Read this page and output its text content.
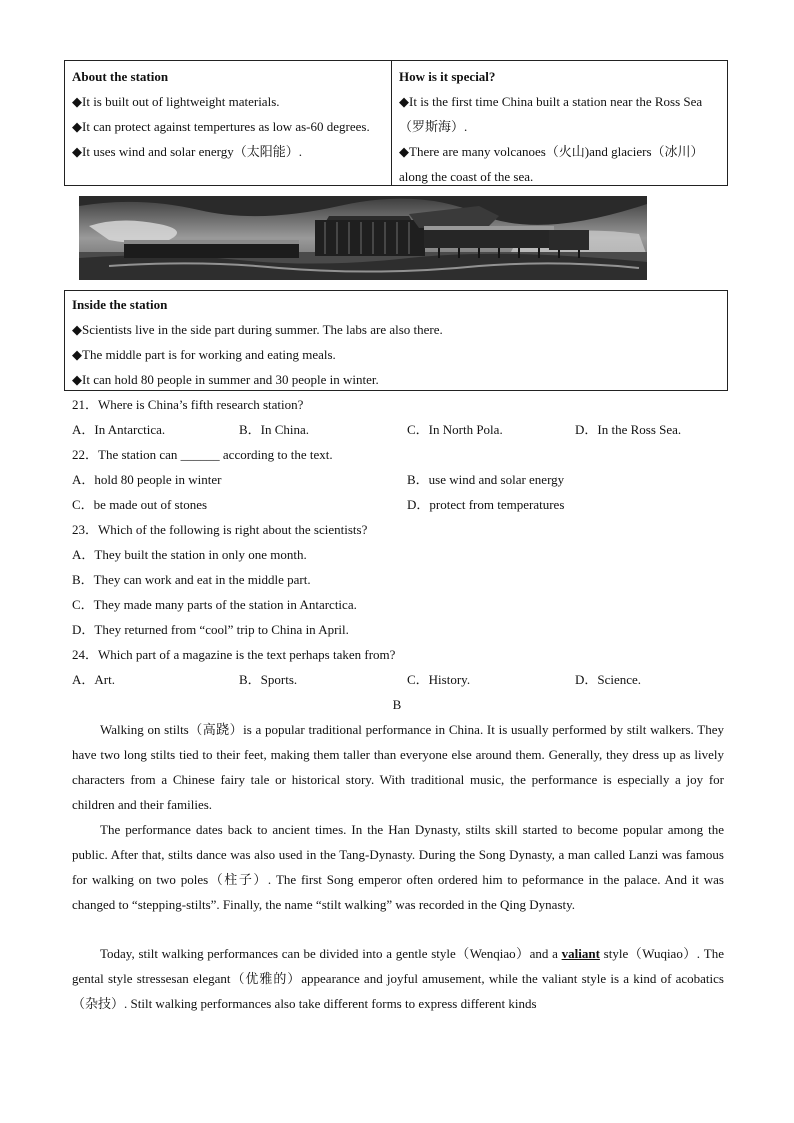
About the station
◆It is built out of lightweight materials.
◆It can protect against tempertures as low as-60 degrees.
◆It uses wind and solar energy（太阳能）.
How is it special?
◆It is the first time China built a station near the Ross Sea（罗斯海）.
◆There are many volcanoes（火山)and glaciers（冰川）along the coast of the sea.
Inside the station
◆Scientists live in the side part during summer. The labs are also there.
◆The middle part is for working and eating meals.
◆It can hold 80 people in summer and 30 people in winter.
21．Where is China’s fifth research station?
A．In Antarctica.	B．In China.	C．In North Pola.	D．In the Ross Sea.
22．The station can ______ according to the text.
A．hold 80 people in winter	B．use wind and solar energy
C．be made out of stones	D．protect from temperatures
23．Which of the following is right about the scientists?
A．They built the station in only one month.
B．They can work and eat in the middle part.
C．They made many parts of the station in Antarctica.
D．They returned from “cool” trip to China in April.
24．Which part of a magazine is the text perhaps taken from?
A．Art.	B．Sports.	C．History.	D．Science.
B
Walking on stilts（高跷）is a popular traditional performance in China. It is usually performed by stilt walkers. They have two long stilts tied to their feet, making them taller than everyone else around them. Generally, they dress up as lively characters from a Chinese fairy tale or historical story. With traditional music, the performance is especially a joy for children and their families.
The performance dates back to ancient times. In the Han Dynasty, stilts skill started to become popular among the public. After that, stilts dance was also used in the Tang-Dynasty. During the Song Dynasty, a man called Lanzi was famous for walking on two poles（柱子）. The first Song emperor often ordered him to peformance in the palace. And it was changed to “stepping-stilts”. Finally, the name “stilt walking” was recorded in the Qing Dynasty.
Today, stilt walking performances can be divided into a gentle style（Wenqiao）and a valiant style（Wuqiao）. The gental style stressesan elegant（优雅的）appearance and joyful amusement, while the valiant style is a kind of acobatics（杂技）. Stilt walking performances also take different forms to express different kinds
